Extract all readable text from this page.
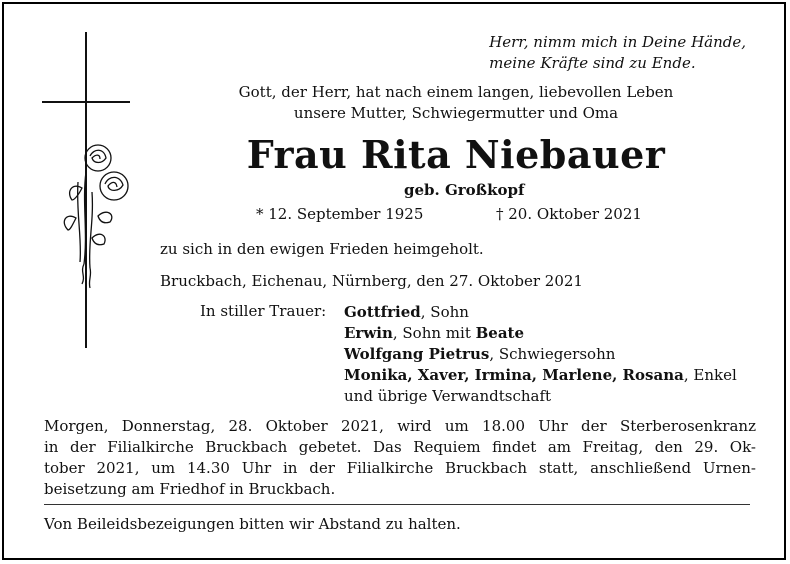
Herr, nimm mich in Deine Hände,
meine Kräfte sind zu Ende.
Gott, der Herr, hat nach einem langen, liebevollen Leben
unsere Mutter, Schwiegermutter und Oma
Frau Rita Niebauer
geb. Großkopf
* 12. September 1925	† 20. Oktober 2021
zu sich in den ewigen Frieden heimgeholt.
Bruckbach, Eichenau, Nürnberg, den 27. Oktober 2021
In stiller Trauer: Gottfried, Sohn
Erwin, Sohn mit Beate
Wolfgang Pietrus, Schwiegersohn
Monika, Xaver, Irmina, Marlene, Rosana, Enkel
und übrige Verwandtschaft
Morgen, Donnerstag, 28. Oktober 2021, wird um 18.00 Uhr der Sterberosenkranz
in der Filialkirche Bruckbach gebetet. Das Requiem findet am Freitag, den 29. Ok-
tober 2021, um 14.30 Uhr in der Filialkirche Bruckbach statt, anschließend Urnen-
beisetzung am Friedhof in Bruckbach.
Von Beileidsbezeigungen bitten wir Abstand zu halten.
